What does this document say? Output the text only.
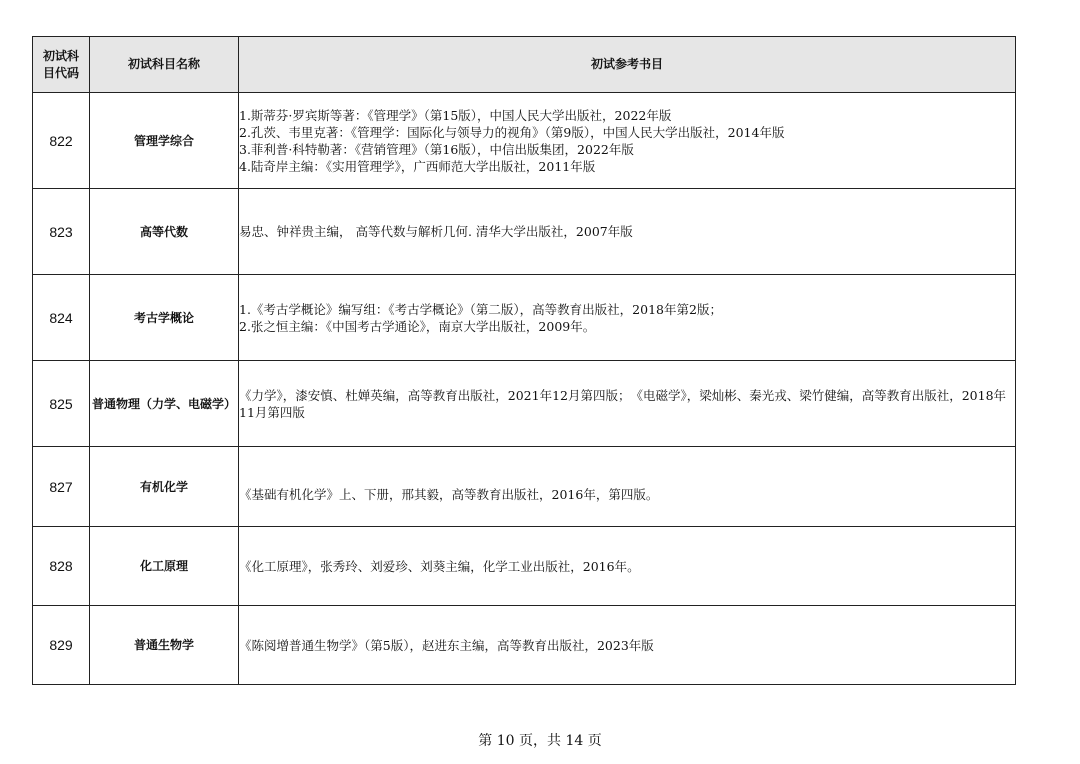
初试科目代码	初试科目名称	初试参考书目
822	管理学综合	1.斯蒂芬·罗宾斯等著：《管理学》（第15版），中国人民大学出版社，2022年版
2.孔茨、韦里克著：《管理学：国际化与领导力的视角》（第9版），中国人民大学出版社，2014年版
3.菲利普·科特勒著：《营销管理》（第16版），中信出版集团，2022年版
4.陆奇岸主编：《实用管理学》，广西师范大学出版社，2011年版

823	高等代数	易忠、钟祥贵主编， 高等代数与解析几何. 清华大学出版社，2007年版

824	考古学概论	1.《考古学概论》编写组：《考古学概论》（第二版），高等教育出版社，2018年第2版；
2.张之恒主编：《中国考古学通论》，南京大学出版社，2009年。

825	普通物理（力学、电磁学）	《力学》，漆安慎、杜婵英编，高等教育出版社，2021年12月第四版；　《电磁学》，梁灿彬、秦光戎、梁竹健编，高等教育出版社，2018年11月第四版

827	有机化学	《基础有机化学》上、下册，邢其毅，高等教育出版社，2016年，第四版。

828	化工原理	《化工原理》，张秀玲、刘爱珍、刘葵主编，化学工业出版社，2016年。

829	普通生物学	《陈阅增普通生物学》（第5版），赵进东主编，高等教育出版社，2023年版
第 10 页，共 14 页
